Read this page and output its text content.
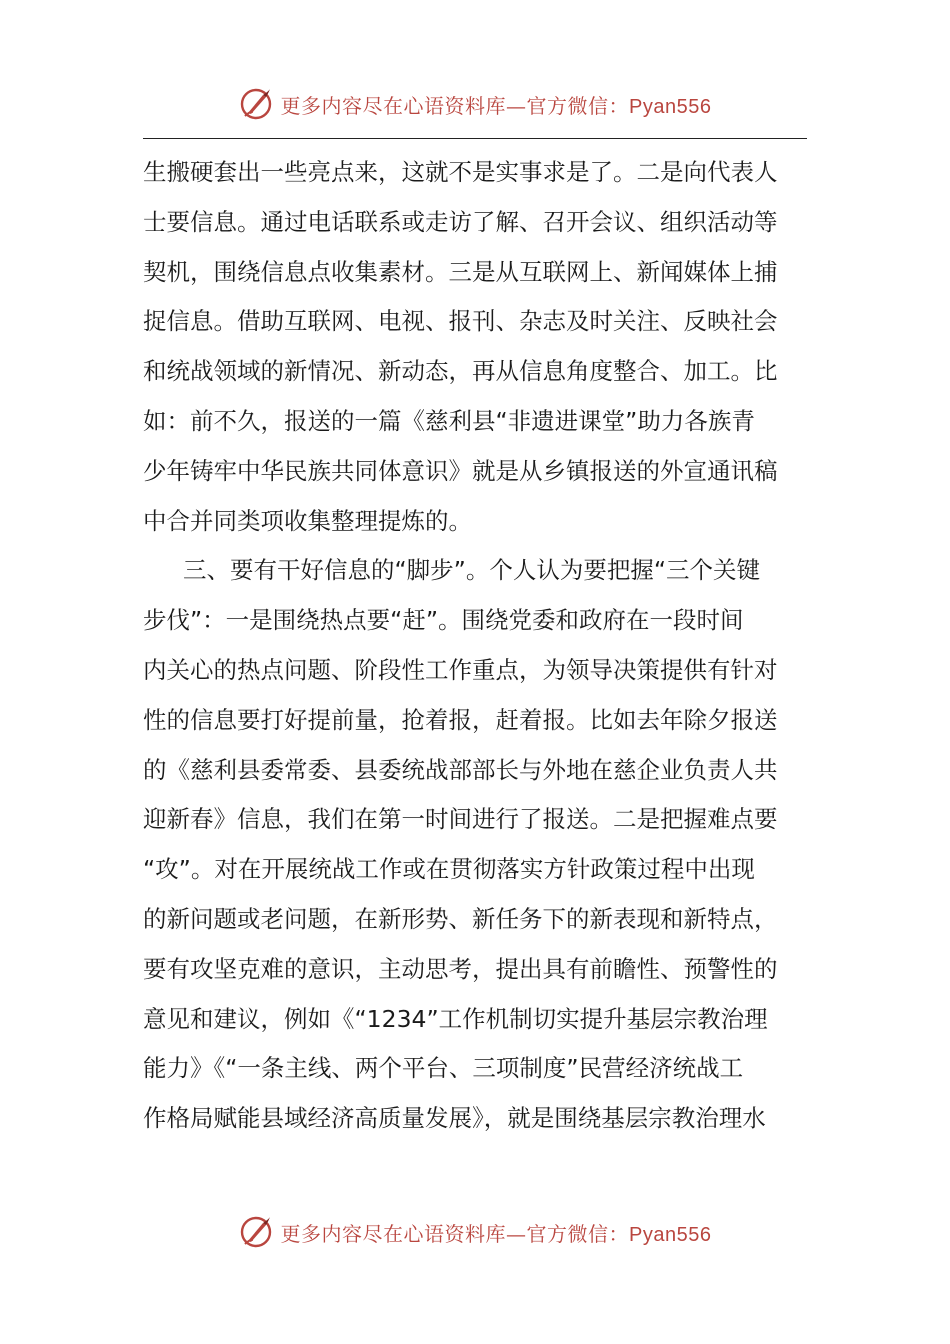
更多内容尽在心语资料库—官方微信：Pyan556
生搬硬套出一些亮点来，这就不是实事求是了。二是向代表人
士要信息。通过电话联系或走访了解、召开会议、组织活动等
契机，围绕信息点收集素材。三是从互联网上、新闻媒体上捕
捉信息。借助互联网、电视、报刊、杂志及时关注、反映社会
和统战领域的新情况、新动态，再从信息角度整合、加工。比
如：前不久，报送的一篇《慈利县“非遗进课堂”助力各族青
少年铸牢中华民族共同体意识》就是从乡镇报送的外宣通讯稿
中合并同类项收集整理提炼的。
三、要有干好信息的“脚步”。个人认为要把握“三个关键
步伐”：一是围绕热点要“赶”。围绕党委和政府在一段时间
内关心的热点问题、阶段性工作重点，为领导决策提供有针对
性的信息要打好提前量，抢着报，赶着报。比如去年除夕报送
的《慈利县委常委、县委统战部部长与外地在慈企业负责人共
迎新春》信息，我们在第一时间进行了报送。二是把握难点要
“攻”。对在开展统战工作或在贯彻落实方针政策过程中出现
的新问题或老问题，在新形势、新任务下的新表现和新特点，
要有攻坚克难的意识，主动思考，提出具有前瞻性、预警性的
意见和建议，例如《“1234”工作机制切实提升基层宗教治理
能力》《“一条主线、两个平台、三项制度”民营经济统战工
作格局赋能县域经济高质量发展》，就是围绕基层宗教治理水
更多内容尽在心语资料库—官方微信：Pyan556
